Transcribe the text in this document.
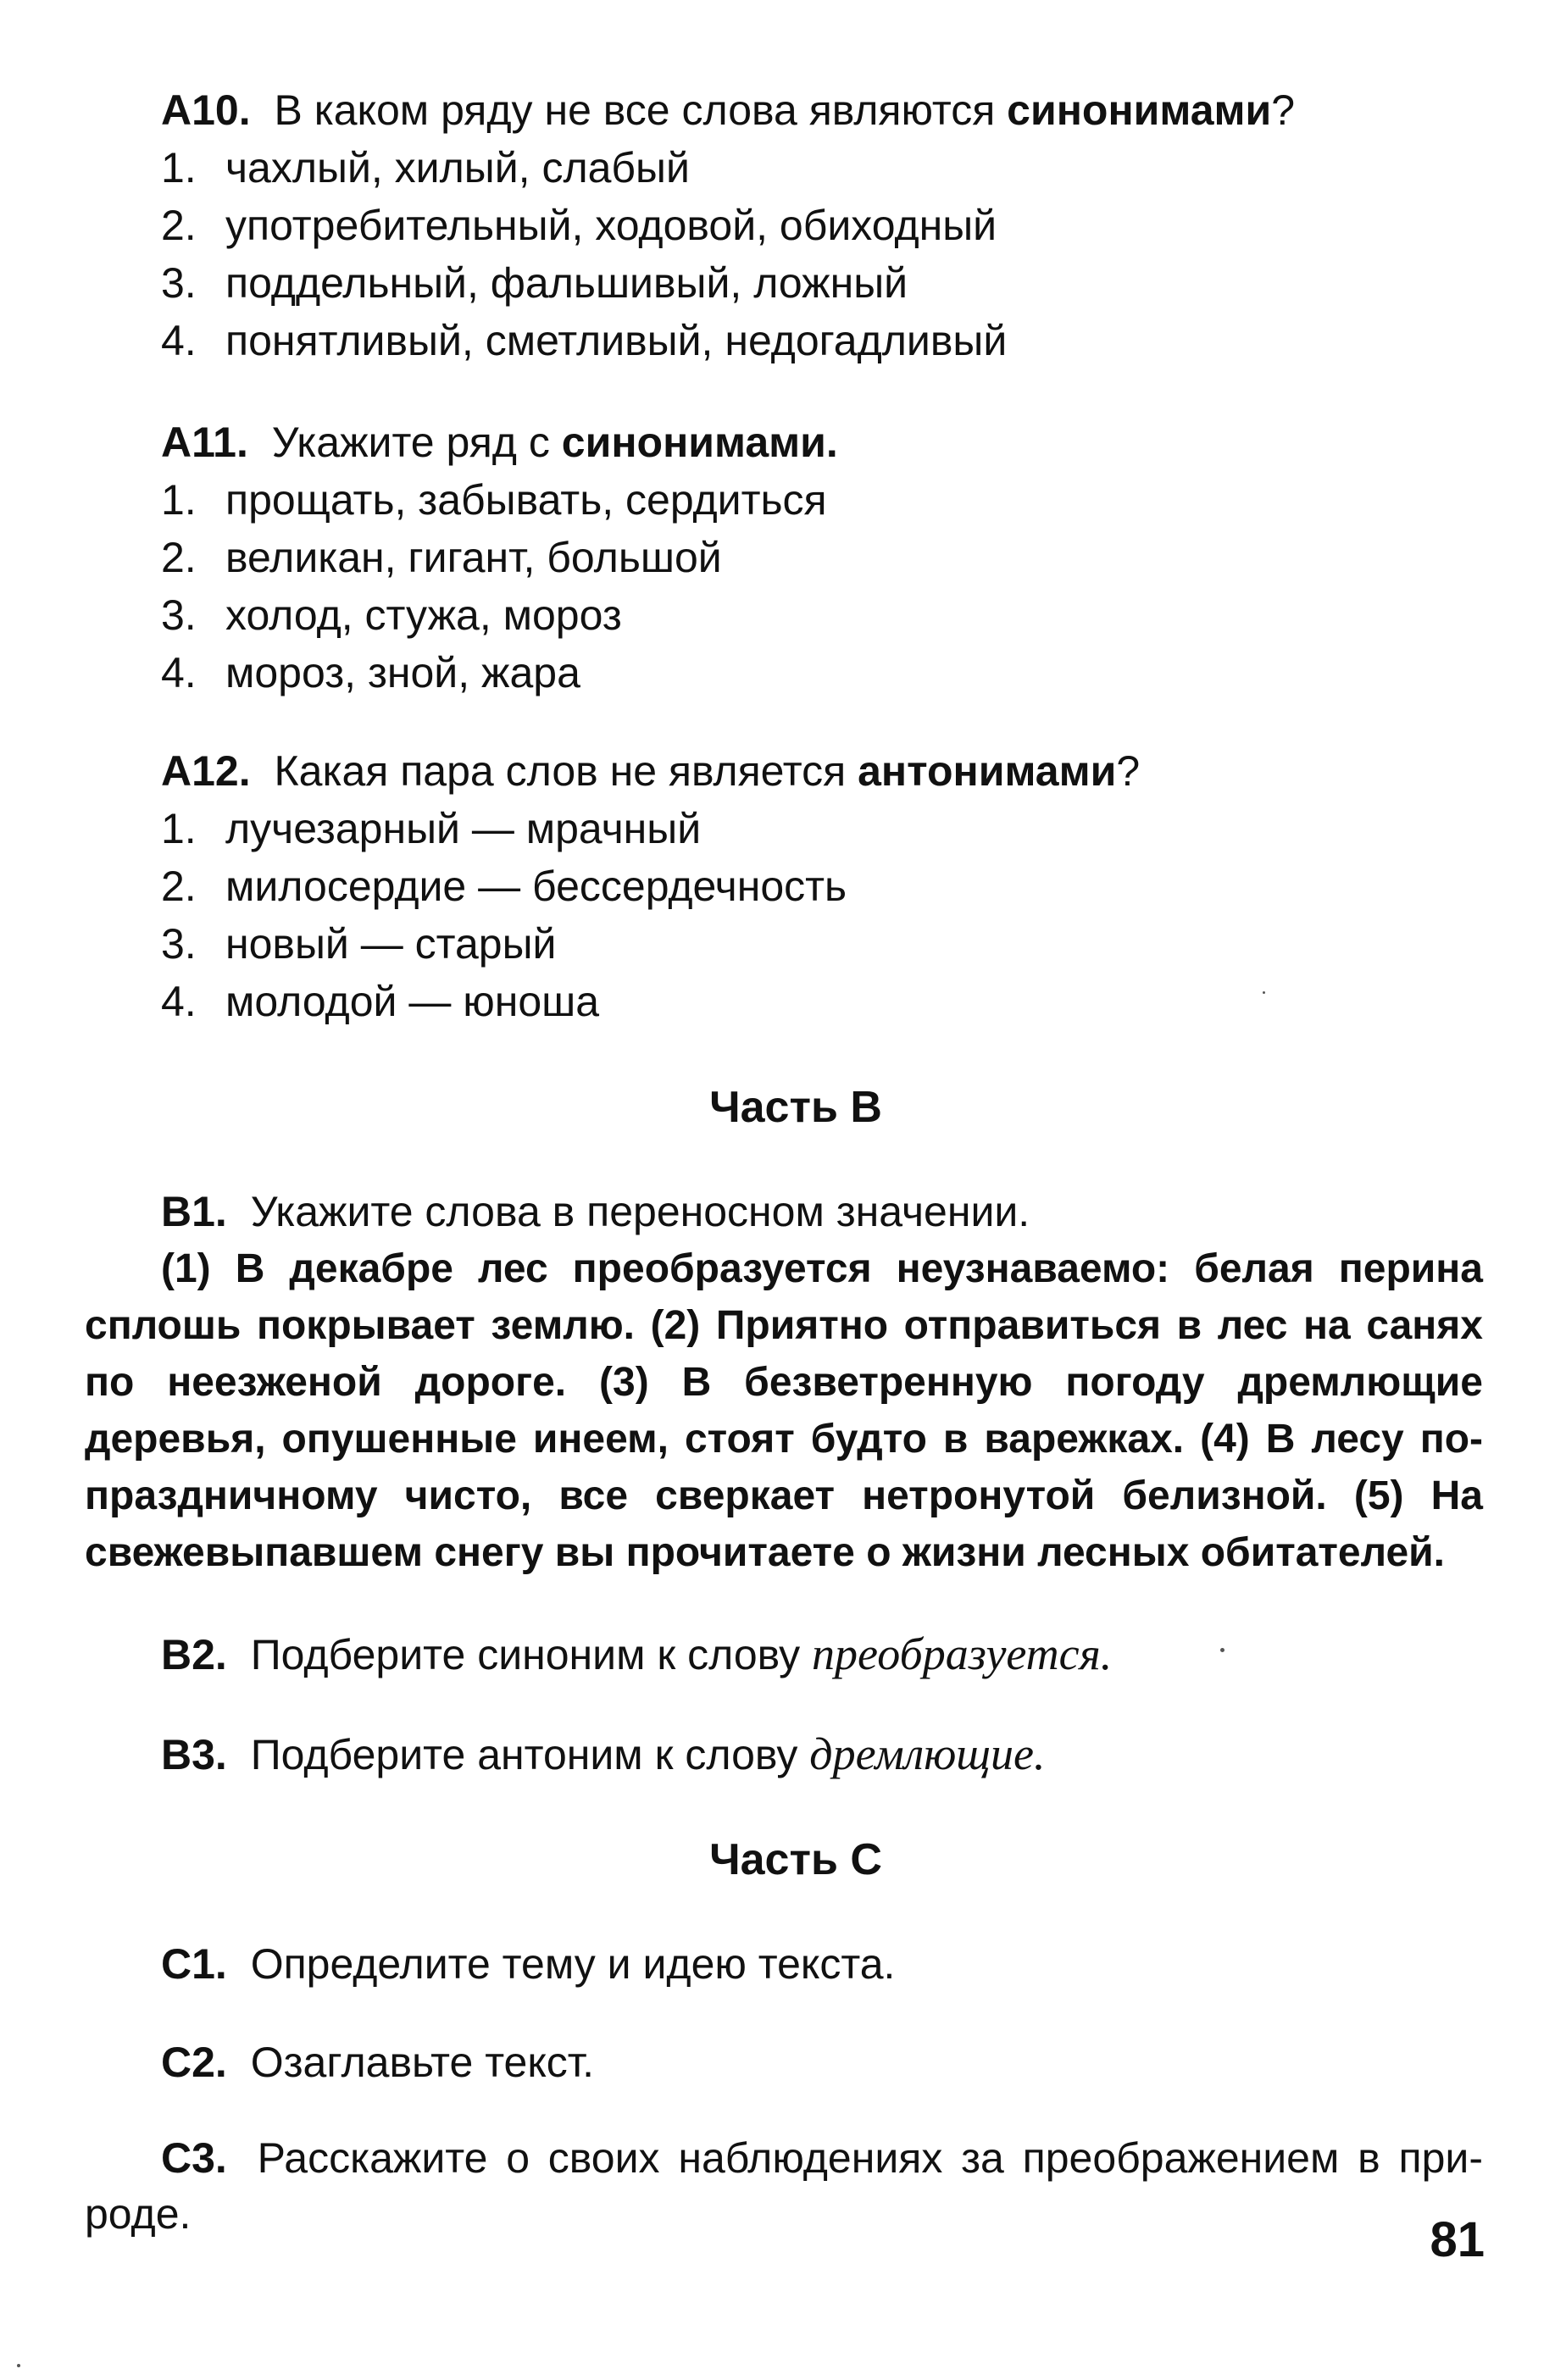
A10. В каком ряду не все слова являются синонимами?

1. чахлый, хилый, слабый
2. употребительный, ходовой, обиходный
3. поддельный, фальшивый, ложный
4. понятливый, сметливый, недогадливый

A11. Укажите ряд с синонимами.

1. прощать, забывать, сердиться
2. великан, гигант, большой
3. холод, стужа, мороз
4. мороз, зной, жара

A12. Какая пара слов не является антонимами?

1. лучезарный — мрачный
2. милосердие — бессердечность
3. новый — старый
4. молодой — юноша
Часть B

B1. Укажите слова в переносном значении.

(1) В декабре лес преобразуется неузнаваемо: белая перина сплошь покрывает землю. (2) Приятно отправиться в лес на санях по неезженой дороге. (3) В безветренную погоду дремлющие деревья, опушенные инеем, стоят будто в варежках. (4) В лесу по-праздничному чисто, все сверкает нетронутой белизной. (5) На свежевыпавшем снегу вы прочитаете о жизни лесных обитателей.

B2. Подберите синоним к слову преобразуется.

B3. Подберите антоним к слову дремлющие.

Часть C

C1. Определите тему и идею текста.

C2. Озаглавьте текст.

C3. Расскажите о своих наблюдениях за преображением в при-
роде.	81
